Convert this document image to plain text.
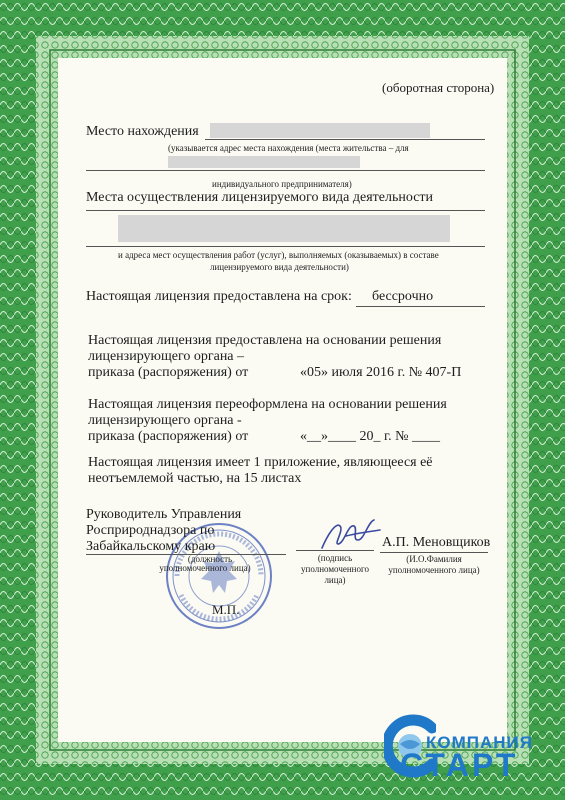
(оборотная сторона)
Место нахождения
(указывается адрес места нахождения (места жительства – для
индивидуального предпринимателя)
Места осуществления лицензируемого вида деятельности
и адреса мест осуществления работ (услуг), выполняемых (оказываемых) в составе
лицензируемого вида деятельности)
Настоящая лицензия предоставлена на срок: бессрочно
Настоящая лицензия предоставлена на основании решения
лицензирующего органа –
приказа (распоряжения) от	«05» июля 2016 г. № 407-П
Настоящая лицензия переоформлена на основании решения
лицензирующего органа -
приказа (распоряжения) от	«__»____ 20_ г. № ____
Настоящая лицензия имеет 1 приложение, являющееся её
неотъемлемой частью, на 15 листах
Руководитель Управления
Росприроднадзора по
Забайкальскому краю
(должность
уполномоченного лица)
(подпись
уполномоченного
лица)
А.П. Меновщиков
(И.О.Фамилия
уполномоченного лица)
М.П.
КОМПАНИЯ
СТАРТ
